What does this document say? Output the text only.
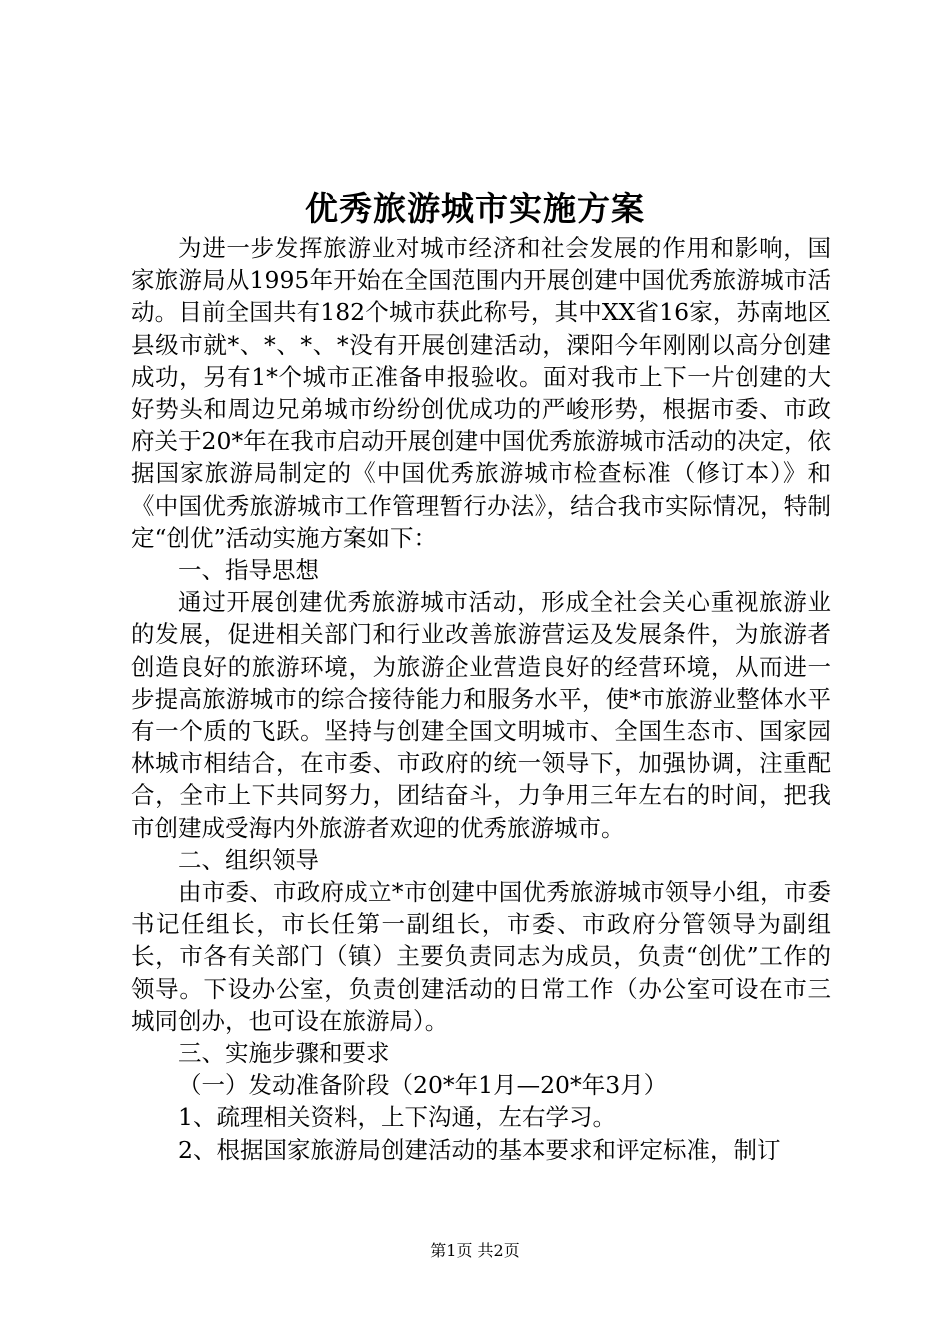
优秀旅游城市实施方案

为进一步发挥旅游业对城市经济和社会发展的作用和影响，国家旅游局从1995年开始在全国范围内开展创建中国优秀旅游城市活动。目前全国共有182个城市获此称号，其中XX省16家，苏南地区县级市就*、*、*、*没有开展创建活动，溧阳今年刚刚以高分创建成功，另有1*个城市正准备申报验收。面对我市上下一片创建的大好势头和周边兄弟城市纷纷创优成功的严峻形势，根据市委、市政府关于20*年在我市启动开展创建中国优秀旅游城市活动的决定，依据国家旅游局制定的《中国优秀旅游城市检查标准（修订本）》和《中国优秀旅游城市工作管理暂行办法》，结合我市实际情况，特制定“创优”活动实施方案如下：

一、指导思想

通过开展创建优秀旅游城市活动，形成全社会关心重视旅游业的发展，促进相关部门和行业改善旅游营运及发展条件，为旅游者创造良好的旅游环境，为旅游企业营造良好的经营环境，从而进一步提高旅游城市的综合接待能力和服务水平，使*市旅游业整体水平有一个质的飞跃。坚持与创建全国文明城市、全国生态市、国家园林城市相结合，在市委、市政府的统一领导下，加强协调，注重配合，全市上下共同努力，团结奋斗，力争用三年左右的时间，把我市创建成受海内外旅游者欢迎的优秀旅游城市。

二、组织领导

由市委、市政府成立*市创建中国优秀旅游城市领导小组，市委书记任组长，市长任第一副组长，市委、市政府分管领导为副组长，市各有关部门（镇）主要负责同志为成员，负责“创优”工作的领导。下设办公室，负责创建活动的日常工作（办公室可设在市三城同创办，也可设在旅游局）。

三、实施步骤和要求

（一）发动准备阶段（20*年1月—20*年3月）

1、疏理相关资料，上下沟通，左右学习。

2、根据国家旅游局创建活动的基本要求和评定标准，制订

第1页 共2页
